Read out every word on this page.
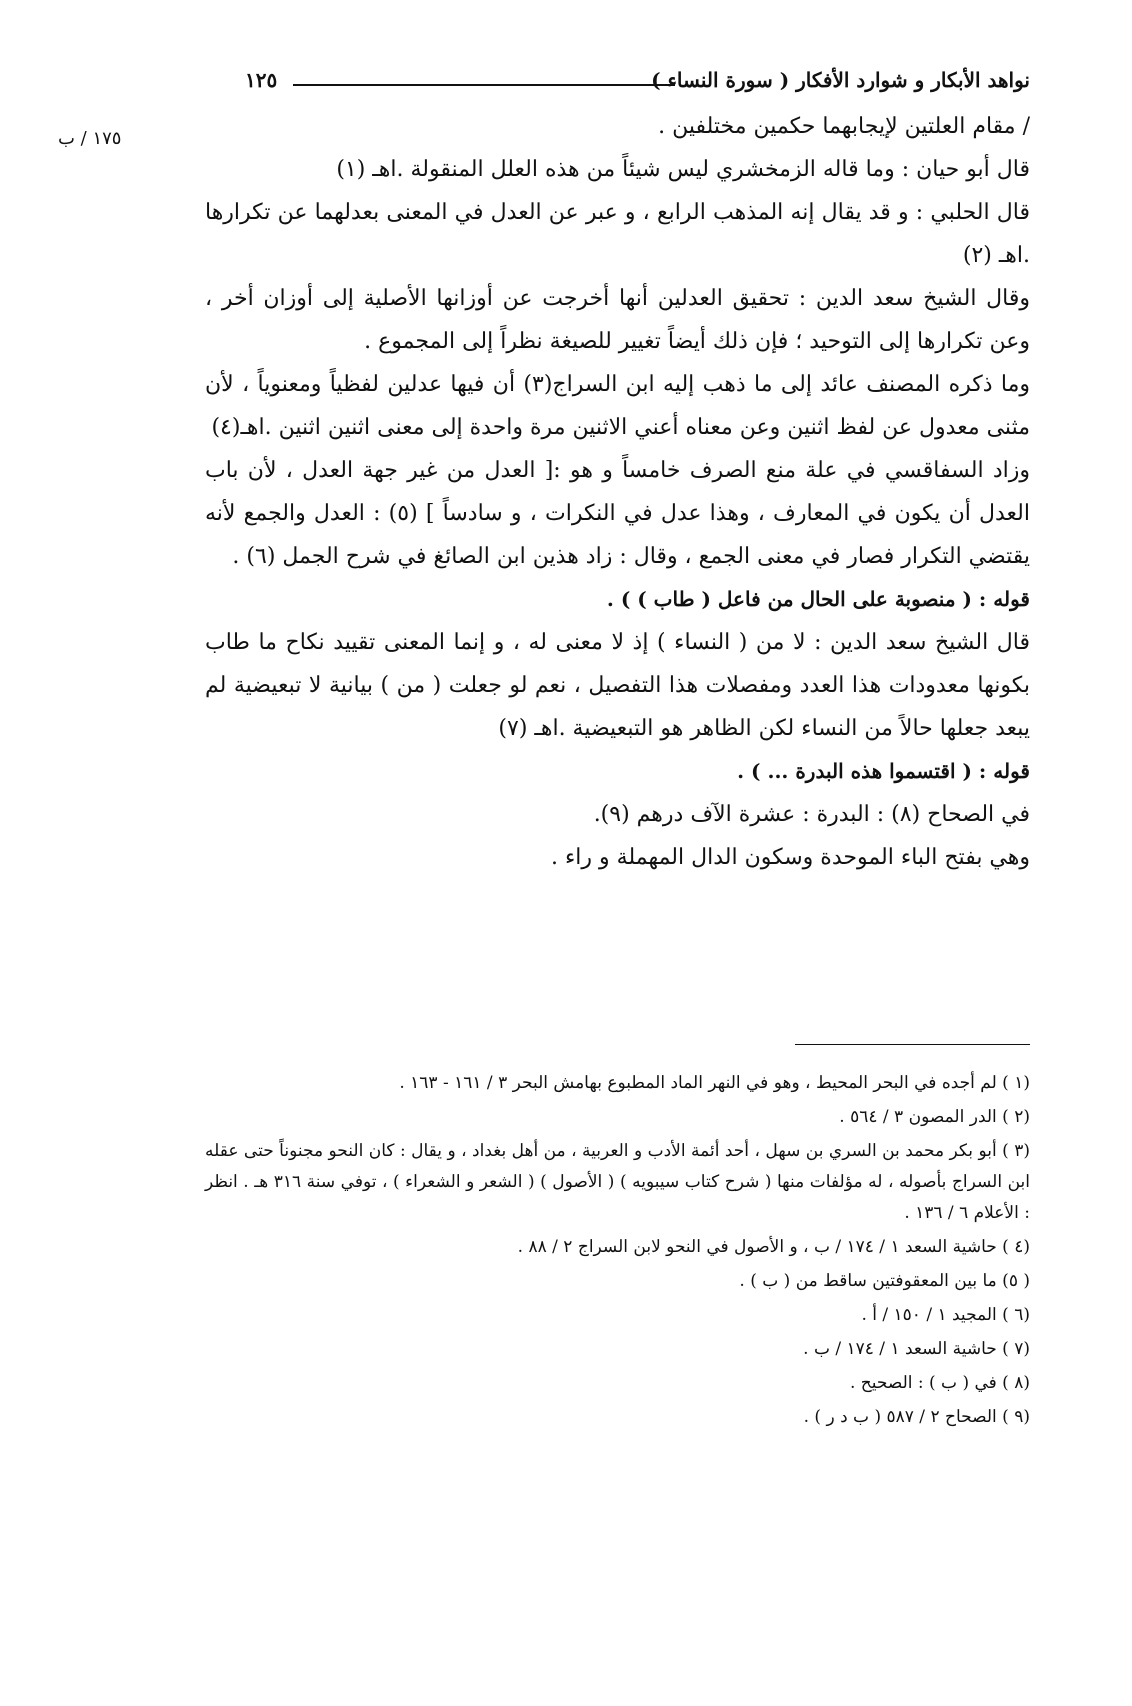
نواهد الأبكار و شوارد الأفكار ( سورة النساء )
١٢٥
١٧٥ / ب	/ مقام العلتين لإيجابهما حكمين مختلفين .

قال أبو حيان : وما قاله الزمخشري ليس شيئاً من هذه العلل المنقولة .اهـ (١)

قال الحلبي : و قد يقال إنه المذهب الرابع ، و عبر عن العدل في المعنى بعدلهما عن تكرارها .اهـ (٢)

وقال الشيخ سعد الدين : تحقيق العدلين أنها أخرجت عن أوزانها الأصلية إلى أوزان أخر ، وعن تكرارها إلى التوحيد ؛ فإن ذلك أيضاً تغيير للصيغة نظراً إلى المجموع .

وما ذكره المصنف عائد إلى ما ذهب إليه ابن السراج(٣) أن فيها عدلين لفظياً ومعنوياً ، لأن مثنى معدول عن لفظ اثنين وعن معناه أعني الاثنين مرة واحدة إلى معنى اثنين اثنين .اهـ(٤)

وزاد السفاقسي في علة منع الصرف خامساً و هو :[ العدل من غير جهة العدل ، لأن باب العدل أن يكون في المعارف ، وهذا عدل في النكرات ، و سادساً ] (٥) : العدل والجمع لأنه يقتضي التكرار فصار في معنى الجمع ، وقال : زاد هذين ابن الصائغ في شرح الجمل (٦) .

قوله : ( منصوبة على الحال من فاعل ( طاب ) ) .

قال الشيخ سعد الدين : لا من ( النساء ) إذ لا معنى له ، و إنما المعنى تقييد نكاح ما طاب بكونها معدودات هذا العدد ومفصلات هذا التفصيل ، نعم لو جعلت ( من ) بيانية لا تبعيضية لم يبعد جعلها حالاً من النساء لكن الظاهر هو التبعيضية .اهـ (٧)

قوله : ( اقتسموا هذه البدرة ... ) .

في الصحاح (٨) : البدرة : عشرة الآف درهم (٩).

وهي بفتح الباء الموحدة وسكون الدال المهملة و راء .

(١ ) لم أجده في البحر المحيط ، وهو في النهر الماد المطبوع بهامش البحر ٣ / ١٦١ - ١٦٣ .

(٢ ) الدر المصون ٣ / ٥٦٤ .

(٣ ) أبو بكر محمد بن السري بن سهل ، أحد أئمة الأدب و العربية ، من أهل بغداد ، و يقال : كان النحو مجنوناً حتى عقله ابن السراج بأصوله ، له مؤلفات منها ( شرح كتاب سيبويه ) ( الأصول ) ( الشعر و الشعراء ) ، توفي سنة ٣١٦ هـ . انظر : الأعلام ٦ / ١٣٦ .

(٤ ) حاشية السعد ١ / ١٧٤ / ب ، و الأصول في النحو لابن السراج ٢ / ٨٨ .

( ٥) ما بين المعقوفتين ساقط من ( ب ) .

(٦ ) المجيد ١ / ١٥٠ / أ .

(٧ ) حاشية السعد ١ / ١٧٤ / ب .

(٨ ) في ( ب ) : الصحيح .

(٩ ) الصحاح ٢ / ٥٨٧ ( ب د ر ) .
